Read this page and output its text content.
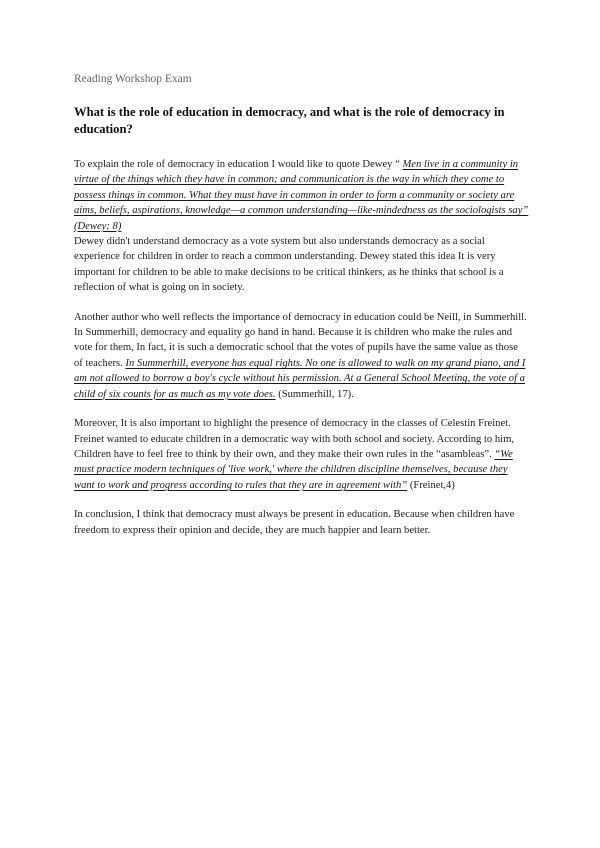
Reading Workshop Exam
What is the role of education in democracy, and what is the role of democracy in education?

To explain the role of democracy in education I would like to quote Dewey “ Men live in a community in virtue of the things which they have in common; and communication is the way in which they come to possess things in common. What they must have in common in order to form a community or society are aims, beliefs, aspirations, knowledge—a common understanding—like-mindedness as the sociologists say” (Dewey; 8)
Dewey didn't understand democracy as a vote system but also understands democracy as a social experience for children in order to reach a common understanding. Dewey stated this idea It is very important for children to be able to make decisions to be critical thinkers, as he thinks that school is a reflection of what is going on in society.

Another author who well reflects the importance of democracy in education could be Neill, in Summerhill. In Summerhill, democracy and equality go hand in hand. Because it is children who make the rules and vote for them, In fact, it is such a democratic school that the votes of pupils have the same value as those of teachers. In Summerhill, everyone has equal rights. No one is allowed to walk on my grand piano, and I am not allowed to borrow a boy's cycle without his permission. At a General School Meeting, the vote of a child of six counts for as much as my vote does. (Summerhill, 17).

Moreover, It is also important to highlight the presence of democracy in the classes of Celestin Freinet. Freinet wanted to educate children in a democratic way with both school and society. According to him, Children have to feel free to think by their own, and they make their own rules in the “asambleas”. “We must practice modern techniques of 'live work,' where the children discipline themselves, because they want to work and progress according to rules that they are in agreement with” (Freinet,4)

In conclusion, I think that democracy must always be present in education. Because when children have freedom to express their opinion and decide, they are much happier and learn better.
